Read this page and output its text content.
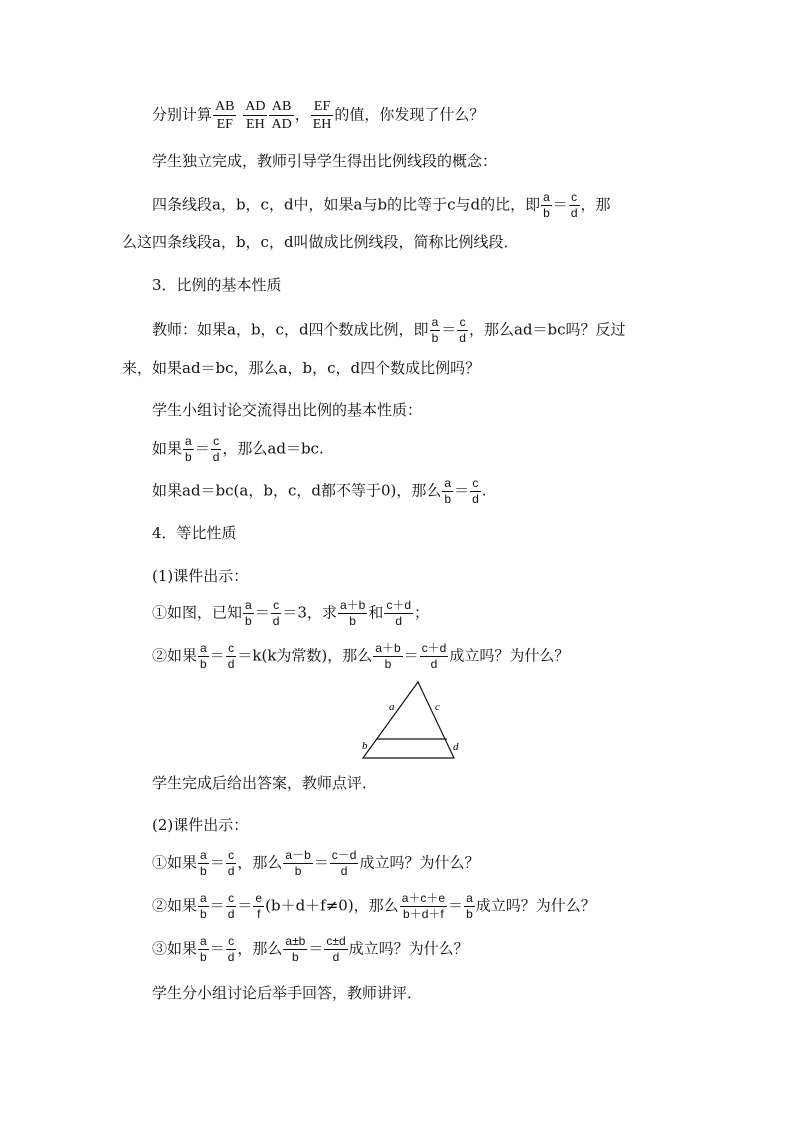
分别计算 $\frac{AB}{EF}$
$\frac{AD}{EH} \frac{AB}{AD}$ ， $\frac{EF}{EH}$ 的值，你发现了什么？
学生独立完成，教师引导学生得出比例线段的概念：
四条线段a，b，c，d中，如果a与b的比等于c与d的比，即 $\frac{a}{b} = \frac{c}{d}$ ，那
么这四条线段a，b，c，d叫做成比例线段，简称比例线段．
3．比例的基本性质
教师：如果a，b，c，d四个数成比例，即 $\frac{a}{b} = \frac{c}{d}$ ，那么ad＝bc吗？反过
来，如果ad＝bc，那么a，b，c，d四个数成比例吗？
学生小组讨论交流得出比例的基本性质：
如果 $\frac{a}{b} = \frac{c}{d}$ ，那么ad＝bc.
如果ad＝bc(a，b，c，d都不等于0)，那么 $\frac{a}{b} = \frac{c}{d}$ .
4．等比性质
(1)课件出示：
①如图，已知 $\frac{a}{b} = \frac{c}{d} =3$，求 $\frac{a+b}{b}$ 和 $\frac{c+d}{d}$ ；
②如果 $\frac{a}{b} = \frac{c}{d} =k(k$为常数)，那么 $\frac{a+b}{b} = \frac{c+d}{d}$ 成立吗？为什么？
a	c
b	d
学生完成后给出答案，教师点评．
(2)课件出示：
①如果 $\frac{a}{b} = \frac{c}{d}$ ，那么 $\frac{a-b}{b} = \frac{c-d}{d}$ 成立吗？为什么？
②如果 $\frac{a}{b} = \frac{c}{d} = \frac{e}{f} (b+d+f\ne 0)$，那么 $\frac{a+c+e}{b+d+f} = \frac{a}{b}$ 成立吗？为什么？
③如果 $\frac{a}{b} = \frac{c}{d}$ ，那么 $\frac{a\pm b}{b} = \frac{c\pm d}{d}$ 成立吗？为什么？
学生分小组讨论后举手回答，教师讲评．
